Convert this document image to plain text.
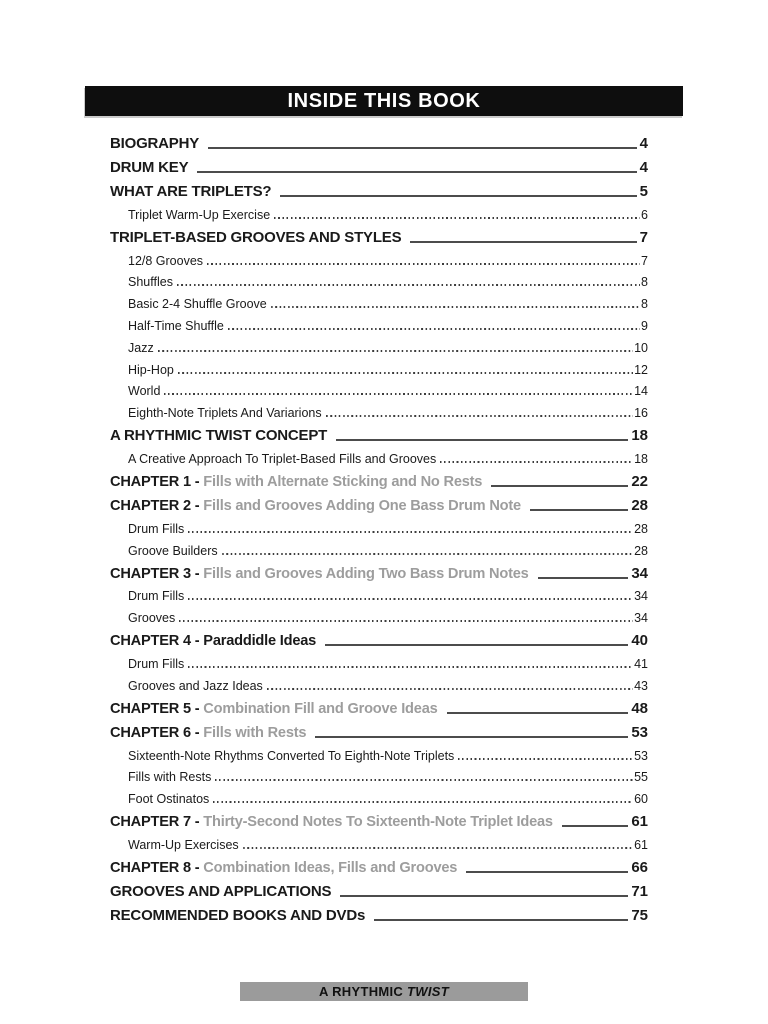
INSIDE THIS BOOK
BIOGRAPHY	4
DRUM KEY	4
WHAT ARE TRIPLETS?	5
Triplet Warm-Up Exercise	6
TRIPLET-BASED GROOVES AND STYLES	7
12/8 Grooves	7
Shuffles	8
Basic 2-4 Shuffle Groove	8
Half-Time Shuffle	9
Jazz	10
Hip-Hop	12
World	14
Eighth-Note Triplets And Variarions	16
A RHYTHMIC TWIST CONCEPT	18
A Creative Approach To Triplet-Based Fills and Grooves	18
CHAPTER 1 - Fills with Alternate Sticking and No Rests	22
CHAPTER 2 - Fills and Grooves Adding One Bass Drum Note	28
Drum Fills	28
Groove Builders	28
CHAPTER 3 - Fills and Grooves Adding Two Bass Drum Notes	34
Drum Fills	34
Grooves	34
CHAPTER 4 - Paraddidle Ideas	40
Drum Fills	41
Grooves and Jazz Ideas	43
CHAPTER 5 - Combination Fill and Groove Ideas	48
CHAPTER 6 - Fills with Rests	53
Sixteenth-Note Rhythms Converted To Eighth-Note Triplets	53
Fills with Rests	55
Foot Ostinatos	60
CHAPTER 7 - Thirty-Second Notes To Sixteenth-Note Triplet Ideas	61
Warm-Up Exercises	61
CHAPTER 8 - Combination Ideas, Fills and Grooves	66
GROOVES AND APPLICATIONS	71
RECOMMENDED BOOKS AND DVDs	75
A RHYTHMIC TWIST
